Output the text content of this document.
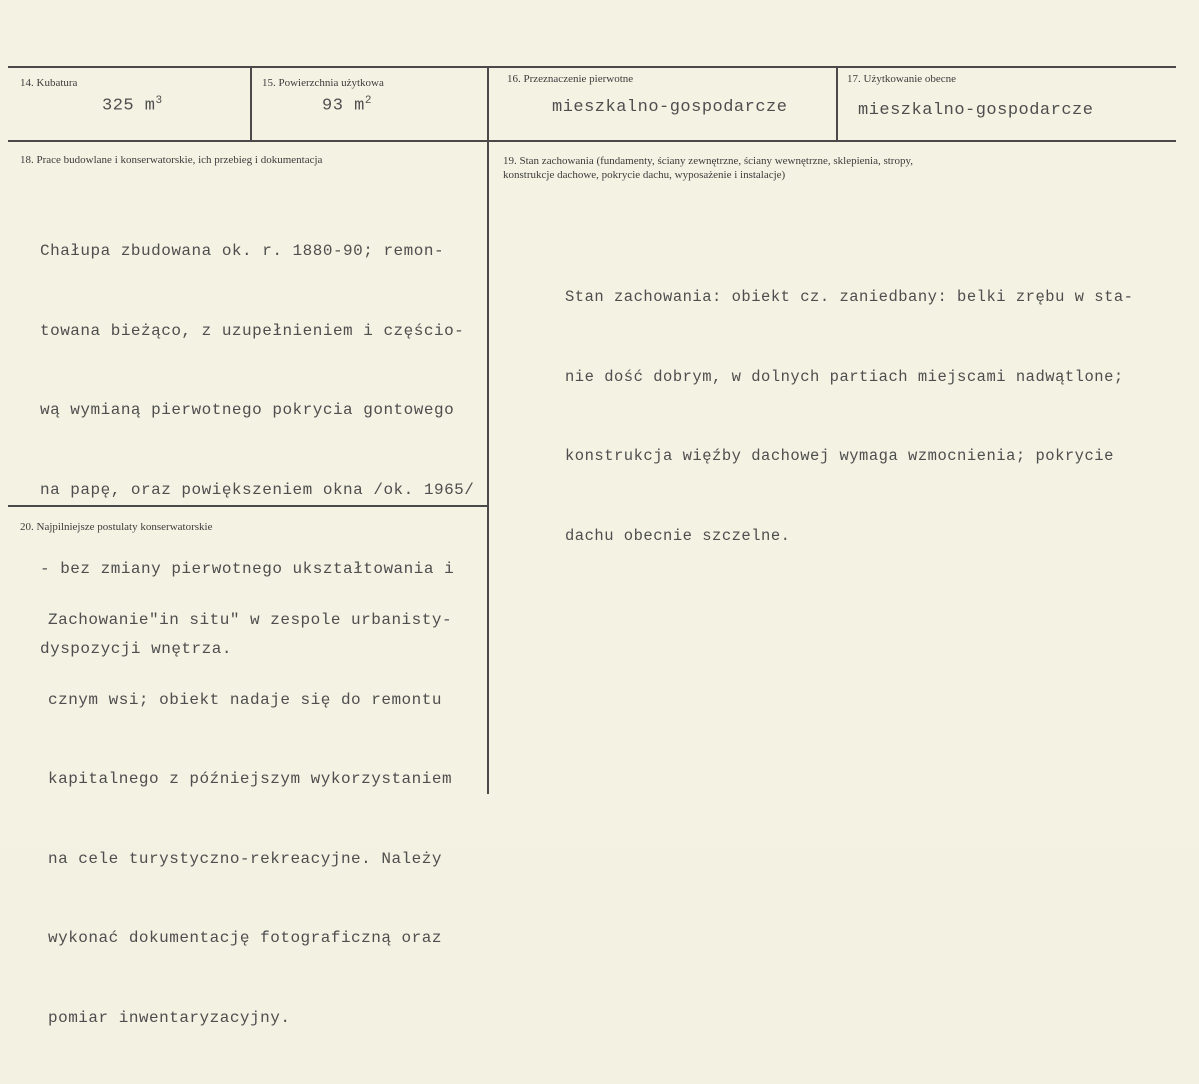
14. Kubatura
325 $m^3$
15. Powierzchnia użytkowa
93 $m^2$
16. Przeznaczenie pierwotne
mieszkalno-gospodarcze
17. Użytkowanie obecne
mieszkalno-gospodarcze
18. Prace budowlane i konserwatorskie, ich przebieg i dokumentacja

Chałupa zbudowana ok. r. 1880-90; remon-

towana bieżąco, z uzupełnieniem i częścio-

wą wymianą pierwotnego pokrycia gontowego

na papę, oraz powiększeniem okna /ok. 1965/

- bez zmiany pierwotnego ukształtowania i

dyspozycji wnętrza.

19. Stan zachowania (fundamenty, ściany zewnętrzne, ściany wewnętrzne, sklepienia, stropy,
konstrukcje dachowe, pokrycie dachu, wyposażenie i instalacje)

Stan zachowania: obiekt cz. zaniedbany: belki zrębu w sta-

nie dość dobrym, w dolnych partiach miejscami nadwątlone;

konstrukcja więźby dachowej wymaga wzmocnienia; pokrycie

dachu obecnie szczelne.

20. Najpilniejsze postulaty konserwatorskie

Zachowanie"in situ" w zespole urbanisty-

cznym wsi; obiekt nadaje się do remontu

kapitalnego z późniejszym wykorzystaniem

na cele turystyczno-rekreacyjne. Należy

wykonać dokumentację fotograficzną oraz

pomiar inwentaryzacyjny.
